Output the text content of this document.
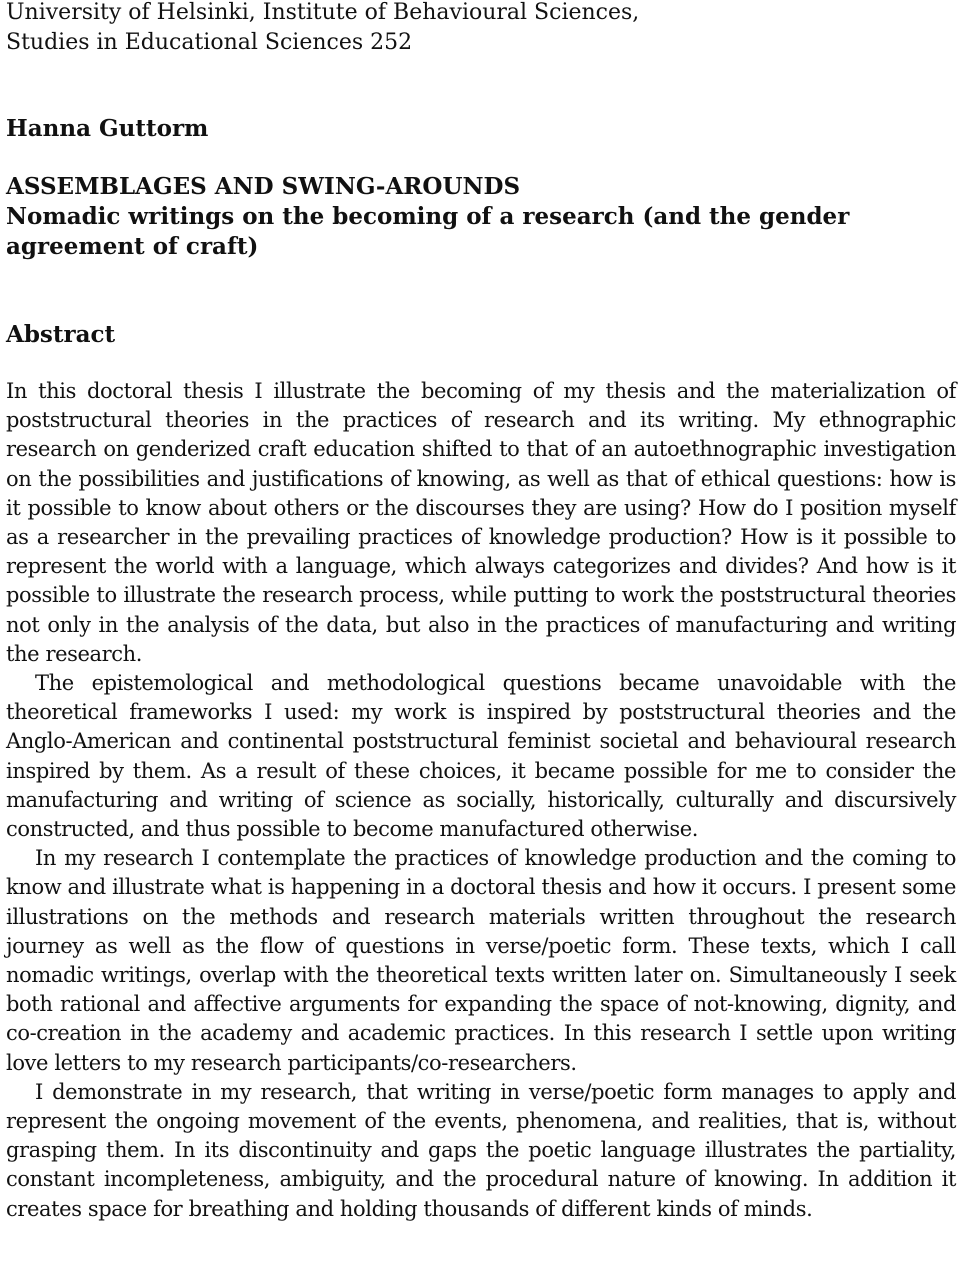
University of Helsinki, Institute of Behavioural Sciences,
Studies in Educational Sciences 252
Hanna Guttorm
ASSEMBLAGES AND SWING-AROUNDS
Nomadic writings on the becoming of a research (and the gender agreement of craft)
Abstract

In this doctoral thesis I illustrate the becoming of my thesis and the materialization of poststructural theories in the practices of research and its writing. My ethnographic research on genderized craft education shifted to that of an autoethnographic investigation on the possibilities and justifications of knowing, as well as that of ethical questions: how is it possible to know about others or the discourses they are using? How do I position myself as a researcher in the prevailing practices of knowledge production? How is it possible to represent the world with a language, which always categorizes and divides? And how is it possible to illustrate the research process, while putting to work the poststructural theories not only in the analysis of the data, but also in the practices of manufacturing and writing the research.

The epistemological and methodological questions became unavoidable with the theoretical frameworks I used: my work is inspired by poststructural theories and the Anglo-American and continental poststructural feminist societal and behavioural research inspired by them. As a result of these choices, it became possible for me to consider the manufacturing and writing of science as socially, historically, culturally and discursively constructed, and thus possible to become manufactured otherwise.

In my research I contemplate the practices of knowledge production and the coming to know and illustrate what is happening in a doctoral thesis and how it occurs. I present some illustrations on the methods and research materials written throughout the research journey as well as the flow of questions in verse/poetic form. These texts, which I call nomadic writings, overlap with the theoretical texts written later on. Simultaneously I seek both rational and affective arguments for expanding the space of not-knowing, dignity, and co-creation in the academy and academic practices. In this research I settle upon writing love letters to my research participants/co-researchers.

I demonstrate in my research, that writing in verse/poetic form manages to apply and represent the ongoing movement of the events, phenomena, and realities, that is, without grasping them. In its discontinuity and gaps the poetic language illustrates the partiality, constant incompleteness, ambiguity, and the procedural nature of knowing. In addition it creates space for breathing and holding thousands of different kinds of minds.
